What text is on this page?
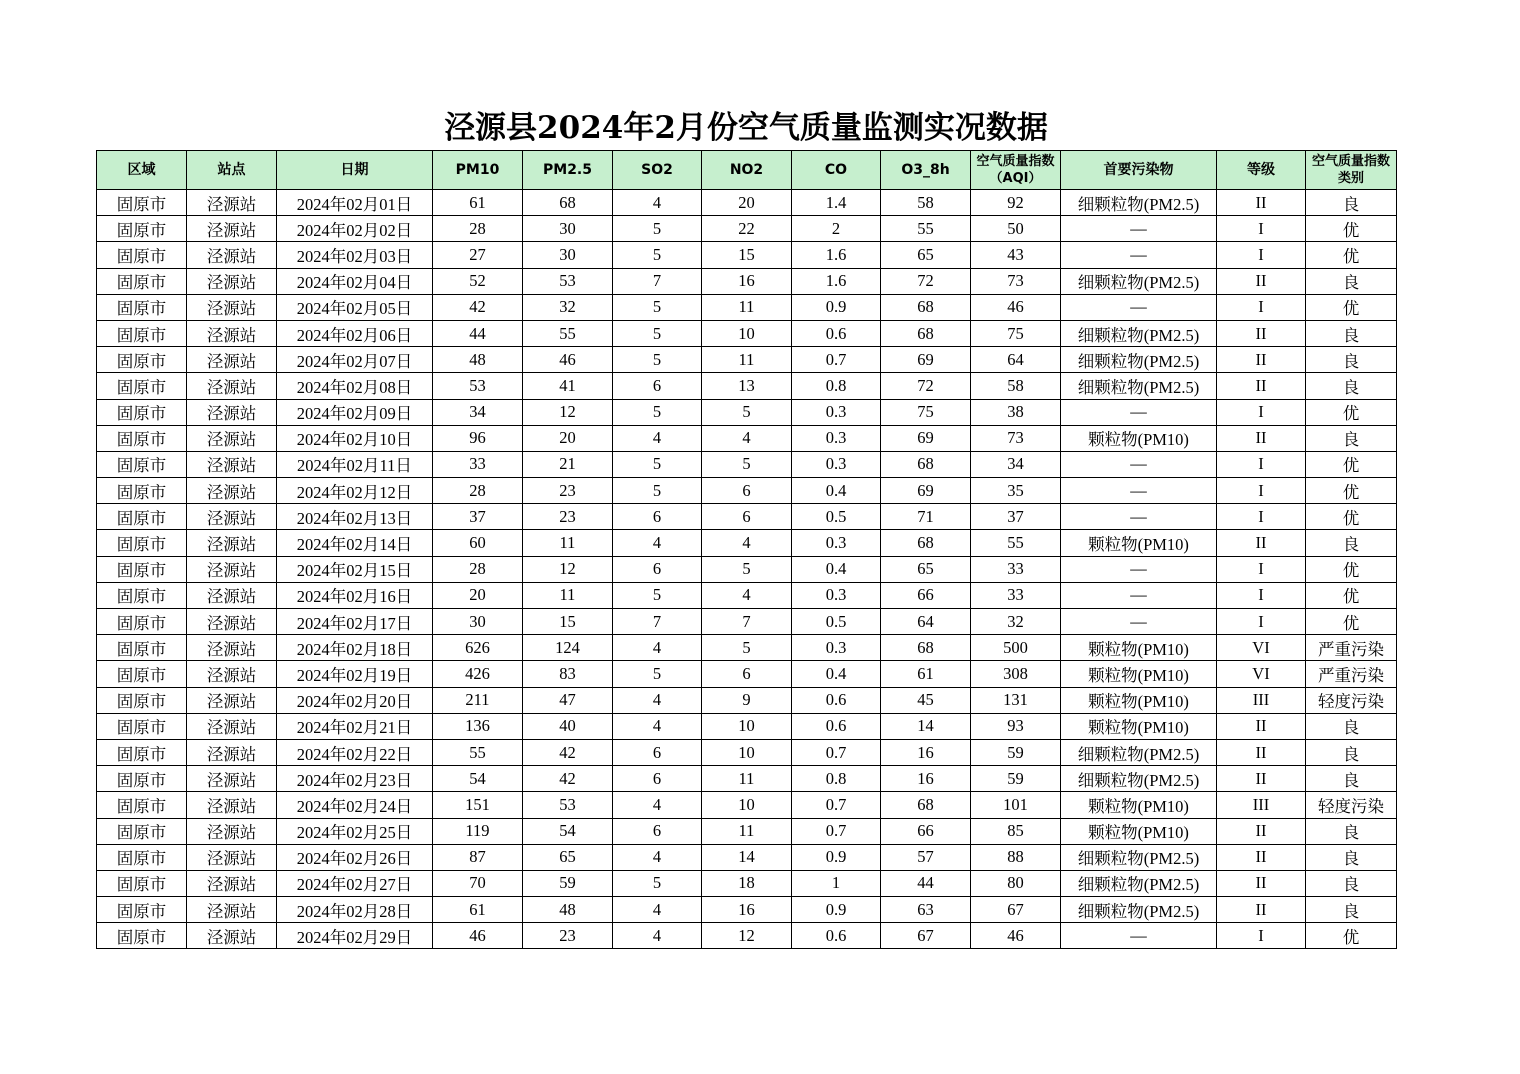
泾源县2024年2月份空气质量监测实况数据
区域	站点	日期	PM10	PM2.5	SO2	NO2	CO	O3_8h	空气质量指数（AQI）	首要污染物	等级	空气质量指数类别
固原市	泾源站	2024年02月01日	61	68	4	20	1.4	58	92	细颗粒物(PM2.5)	II	良
固原市	泾源站	2024年02月02日	28	30	5	22	2	55	50	—	I	优
固原市	泾源站	2024年02月03日	27	30	5	15	1.6	65	43	—	I	优
固原市	泾源站	2024年02月04日	52	53	7	16	1.6	72	73	细颗粒物(PM2.5)	II	良
固原市	泾源站	2024年02月05日	42	32	5	11	0.9	68	46	—	I	优
固原市	泾源站	2024年02月06日	44	55	5	10	0.6	68	75	细颗粒物(PM2.5)	II	良
固原市	泾源站	2024年02月07日	48	46	5	11	0.7	69	64	细颗粒物(PM2.5)	II	良
固原市	泾源站	2024年02月08日	53	41	6	13	0.8	72	58	细颗粒物(PM2.5)	II	良
固原市	泾源站	2024年02月09日	34	12	5	5	0.3	75	38	—	I	优
固原市	泾源站	2024年02月10日	96	20	4	4	0.3	69	73	颗粒物(PM10)	II	良
固原市	泾源站	2024年02月11日	33	21	5	5	0.3	68	34	—	I	优
固原市	泾源站	2024年02月12日	28	23	5	6	0.4	69	35	—	I	优
固原市	泾源站	2024年02月13日	37	23	6	6	0.5	71	37	—	I	优
固原市	泾源站	2024年02月14日	60	11	4	4	0.3	68	55	颗粒物(PM10)	II	良
固原市	泾源站	2024年02月15日	28	12	6	5	0.4	65	33	—	I	优
固原市	泾源站	2024年02月16日	20	11	5	4	0.3	66	33	—	I	优
固原市	泾源站	2024年02月17日	30	15	7	7	0.5	64	32	—	I	优
固原市	泾源站	2024年02月18日	626	124	4	5	0.3	68	500	颗粒物(PM10)	VI	严重污染
固原市	泾源站	2024年02月19日	426	83	5	6	0.4	61	308	颗粒物(PM10)	VI	严重污染
固原市	泾源站	2024年02月20日	211	47	4	9	0.6	45	131	颗粒物(PM10)	III	轻度污染
固原市	泾源站	2024年02月21日	136	40	4	10	0.6	14	93	颗粒物(PM10)	II	良
固原市	泾源站	2024年02月22日	55	42	6	10	0.7	16	59	细颗粒物(PM2.5)	II	良
固原市	泾源站	2024年02月23日	54	42	6	11	0.8	16	59	细颗粒物(PM2.5)	II	良
固原市	泾源站	2024年02月24日	151	53	4	10	0.7	68	101	颗粒物(PM10)	III	轻度污染
固原市	泾源站	2024年02月25日	119	54	6	11	0.7	66	85	颗粒物(PM10)	II	良
固原市	泾源站	2024年02月26日	87	65	4	14	0.9	57	88	细颗粒物(PM2.5)	II	良
固原市	泾源站	2024年02月27日	70	59	5	18	1	44	80	细颗粒物(PM2.5)	II	良
固原市	泾源站	2024年02月28日	61	48	4	16	0.9	63	67	细颗粒物(PM2.5)	II	良
固原市	泾源站	2024年02月29日	46	23	4	12	0.6	67	46	—	I	优
